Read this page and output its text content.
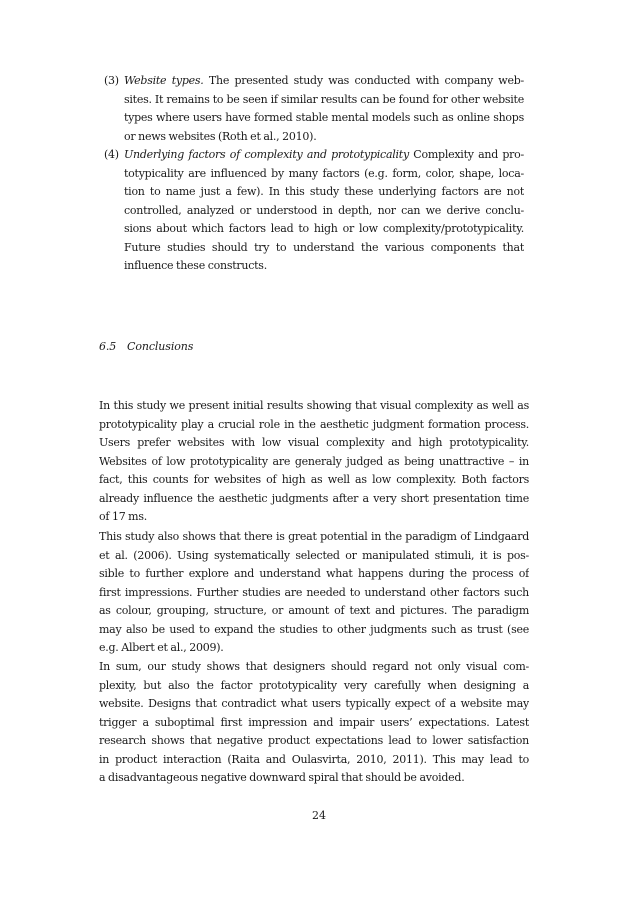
(3) Website types. The presented study was conducted with company web-
sites. It remains to be seen if similar results can be found for other website
types where users have formed stable mental models such as online shops
or news websites (Roth et al., 2010).
(4) Underlying factors of complexity and prototypicality Complexity and pro-
totypicality are influenced by many factors (e.g. form, color, shape, loca-
tion to name just a few). In this study these underlying factors are not
controlled, analyzed or understood in depth, nor can we derive conclu-
sions about which factors lead to high or low complexity/prototypicality.
Future studies should try to understand the various components that
influence these constructs.
6.5 Conclusions
In this study we present initial results showing that visual complexity as well as
prototypicality play a crucial role in the aesthetic judgment formation process.
Users prefer websites with low visual complexity and high prototypicality.
Websites of low prototypicality are generaly judged as being unattractive – in
fact, this counts for websites of high as well as low complexity. Both factors
already influence the aesthetic judgments after a very short presentation time
of 17 ms.
This study also shows that there is great potential in the paradigm of Lindgaard
et al. (2006). Using systematically selected or manipulated stimuli, it is pos-
sible to further explore and understand what happens during the process of
first impressions. Further studies are needed to understand other factors such
as colour, grouping, structure, or amount of text and pictures. The paradigm
may also be used to expand the studies to other judgments such as trust (see
e.g. Albert et al., 2009).
In sum, our study shows that designers should regard not only visual com-
plexity, but also the factor prototypicality very carefully when designing a
website. Designs that contradict what users typically expect of a website may
trigger a suboptimal first impression and impair users’ expectations. Latest
research shows that negative product expectations lead to lower satisfaction
in product interaction (Raita and Oulasvirta, 2010, 2011). This may lead to
a disadvantageous negative downward spiral that should be avoided.
24
